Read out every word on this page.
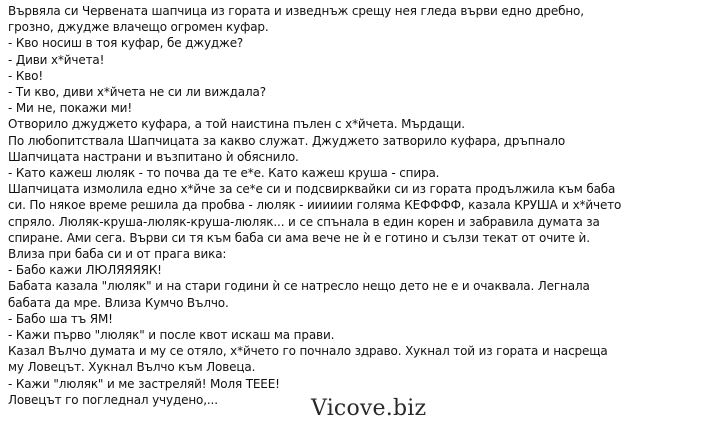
Вървяла си Червената шапчица из гората и изведнъж срещу нея гледа върви едно дребно,
грозно, джудже влачещо огромен куфар.
- Кво носиш в тоя куфар, бе джудже?
- Диви х*йчета!
- Кво!
- Ти кво, диви х*йчета не си ли виждала?
- Ми не, покажи ми!
Отворило джуджето куфара, а той наистина пълен с х*йчета. Мърдащи.
По любопитствала Шапчицата за какво служат. Джуджето затворило куфара, дръпнало
Шапчицата настрани и възпитано ѝ обяснило.
- Като кажеш люляк - то почва да те е*е. Като кажеш круша - спира.
Шапчицата измолила едно х*йче за се*е си и подсвирквайки си из гората продължила към баба
си. По някое време решила да пробва - люляк - ииииии голяма КЕФФФФ, казала КРУША и х*йчето
спряло. Люляк-круша-люляк-круша-люляк... и се спънала в един корен и забравила думата за
спиране. Ами сега. Върви си тя към баба си ама вече не ѝ е готино и сълзи текат от очите ѝ.
Влиза при баба си и от прага вика:
- Бабо кажи ЛЮЛЯЯЯЯК!
Бабата казала "люляк" и на стари години ѝ се натресло нещо дето не е и очаквала. Легнала
бабата да мре. Влиза Кумчо Вълчо.
- Бабо ша тъ ЯМ!
- Кажи първо "люляк" и после квот искаш ма прави.
Казал Вълчо думата и му се отяло, х*йчето го почнало здраво. Хукнал той из гората и насреща
му Ловецът. Хукнал Вълчо към Ловеца.
- Кажи "люляк" и ме застреляй! Моля ТЕЕЕ!
Ловецът го погледнал учудено,...	Vicove.biz
